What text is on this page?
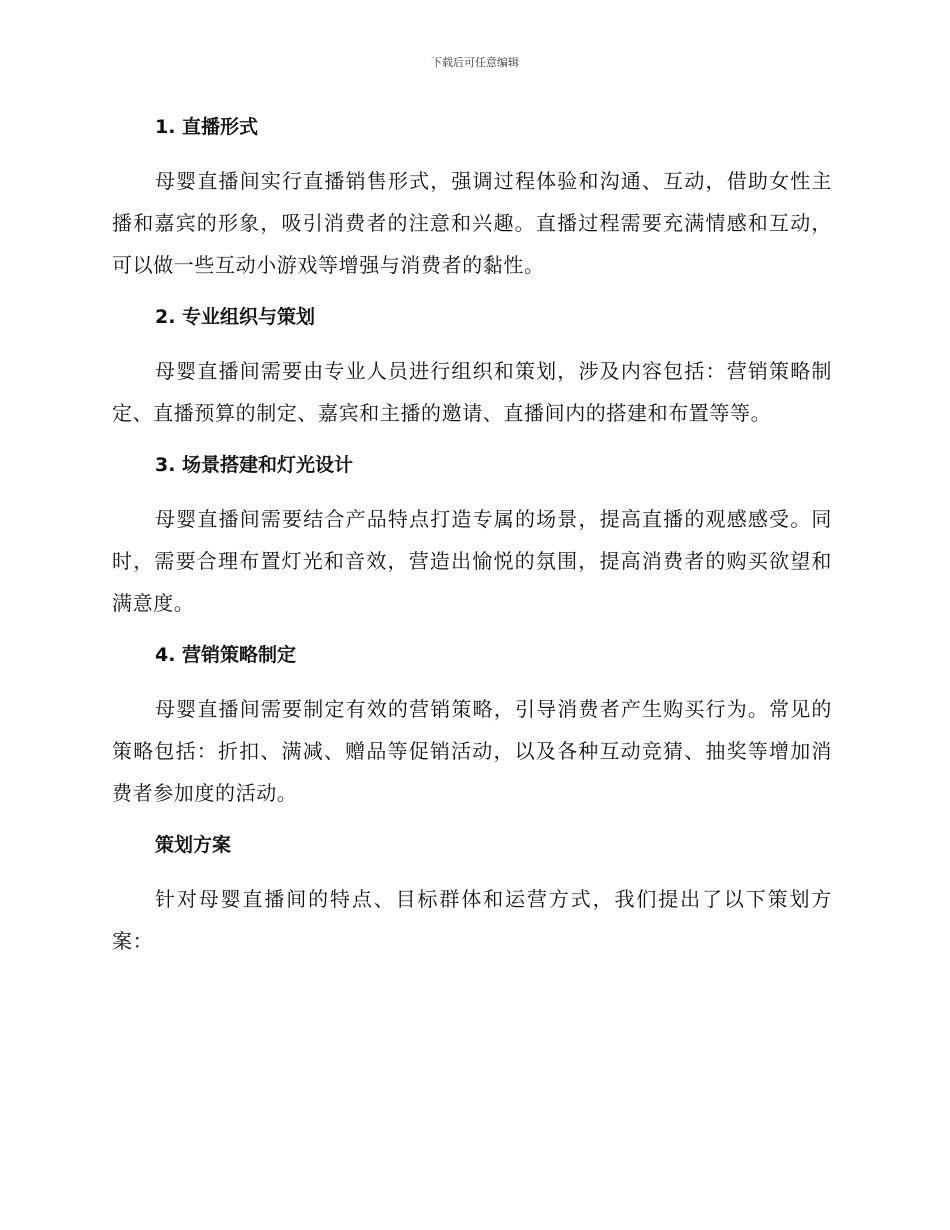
下载后可任意编辑
1. 直播形式

母婴直播间实行直播销售形式，强调过程体验和沟通、互动，借助女性主播和嘉宾的形象，吸引消费者的注意和兴趣。直播过程需要充满情感和互动，可以做一些互动小游戏等增强与消费者的黏性。

2. 专业组织与策划

母婴直播间需要由专业人员进行组织和策划，涉及内容包括：营销策略制定、直播预算的制定、嘉宾和主播的邀请、直播间内的搭建和布置等等。

3. 场景搭建和灯光设计

母婴直播间需要结合产品特点打造专属的场景，提高直播的观感感受。同时，需要合理布置灯光和音效，营造出愉悦的氛围，提高消费者的购买欲望和满意度。

4. 营销策略制定

母婴直播间需要制定有效的营销策略，引导消费者产生购买行为。常见的策略包括：折扣、满减、赠品等促销活动，以及各种互动竞猜、抽奖等增加消费者参加度的活动。

策划方案

针对母婴直播间的特点、目标群体和运营方式，我们提出了以下策划方案：
